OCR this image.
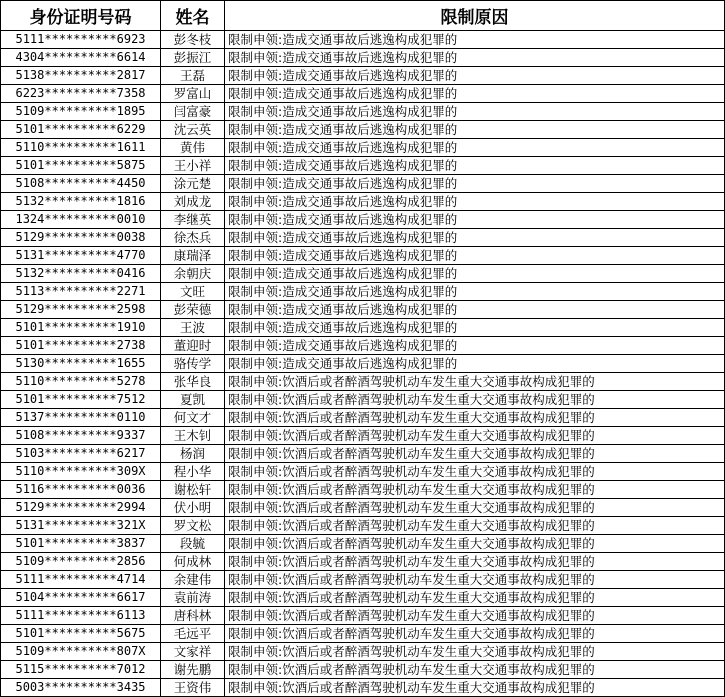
身份证明号码	姓名	限制原因
5111**********6923	彭冬枝	限制申领:造成交通事故后逃逸构成犯罪的
4304**********6614	彭振江	限制申领:造成交通事故后逃逸构成犯罪的
5138**********2817	王磊	限制申领:造成交通事故后逃逸构成犯罪的
6223**********7358	罗富山	限制申领:造成交通事故后逃逸构成犯罪的
5109**********1895	闫富豪	限制申领:造成交通事故后逃逸构成犯罪的
5101**********6229	沈云英	限制申领:造成交通事故后逃逸构成犯罪的
5110**********1611	黄伟	限制申领:造成交通事故后逃逸构成犯罪的
5101**********5875	王小祥	限制申领:造成交通事故后逃逸构成犯罪的
5108**********4450	涂元楚	限制申领:造成交通事故后逃逸构成犯罪的
5132**********1816	刘成龙	限制申领:造成交通事故后逃逸构成犯罪的
1324**********0010	李继英	限制申领:造成交通事故后逃逸构成犯罪的
5129**********0038	徐杰兵	限制申领:造成交通事故后逃逸构成犯罪的
5131**********4770	康瑞泽	限制申领:造成交通事故后逃逸构成犯罪的
5132**********0416	余朝庆	限制申领:造成交通事故后逃逸构成犯罪的
5113**********2271	文旺	限制申领:造成交通事故后逃逸构成犯罪的
5129**********2598	彭荣德	限制申领:造成交通事故后逃逸构成犯罪的
5101**********1910	王波	限制申领:造成交通事故后逃逸构成犯罪的
5101**********2738	董迎时	限制申领:造成交通事故后逃逸构成犯罪的
5130**********1655	骆传学	限制申领:造成交通事故后逃逸构成犯罪的
5110**********5278	张华良	限制申领:饮酒后或者醉酒驾驶机动车发生重大交通事故构成犯罪的
5101**********7512	夏凯	限制申领:饮酒后或者醉酒驾驶机动车发生重大交通事故构成犯罪的
5137**********0110	何文才	限制申领:饮酒后或者醉酒驾驶机动车发生重大交通事故构成犯罪的
5108**********9337	王木钊	限制申领:饮酒后或者醉酒驾驶机动车发生重大交通事故构成犯罪的
5103**********6217	杨润	限制申领:饮酒后或者醉酒驾驶机动车发生重大交通事故构成犯罪的
5110**********309X	程小华	限制申领:饮酒后或者醉酒驾驶机动车发生重大交通事故构成犯罪的
5116**********0036	谢松轩	限制申领:饮酒后或者醉酒驾驶机动车发生重大交通事故构成犯罪的
5129**********2994	伏小明	限制申领:饮酒后或者醉酒驾驶机动车发生重大交通事故构成犯罪的
5131**********321X	罗文松	限制申领:饮酒后或者醉酒驾驶机动车发生重大交通事故构成犯罪的
5101**********3837	段毓	限制申领:饮酒后或者醉酒驾驶机动车发生重大交通事故构成犯罪的
5109**********2856	何成林	限制申领:饮酒后或者醉酒驾驶机动车发生重大交通事故构成犯罪的
5111**********4714	余建伟	限制申领:饮酒后或者醉酒驾驶机动车发生重大交通事故构成犯罪的
5104**********6617	袁前涛	限制申领:饮酒后或者醉酒驾驶机动车发生重大交通事故构成犯罪的
5111**********6113	唐科林	限制申领:饮酒后或者醉酒驾驶机动车发生重大交通事故构成犯罪的
5101**********5675	毛远平	限制申领:饮酒后或者醉酒驾驶机动车发生重大交通事故构成犯罪的
5109**********807X	文家祥	限制申领:饮酒后或者醉酒驾驶机动车发生重大交通事故构成犯罪的
5115**********7012	谢先鹏	限制申领:饮酒后或者醉酒驾驶机动车发生重大交通事故构成犯罪的
5003**********3435	王资伟	限制申领:饮酒后或者醉酒驾驶机动车发生重大交通事故构成犯罪的
